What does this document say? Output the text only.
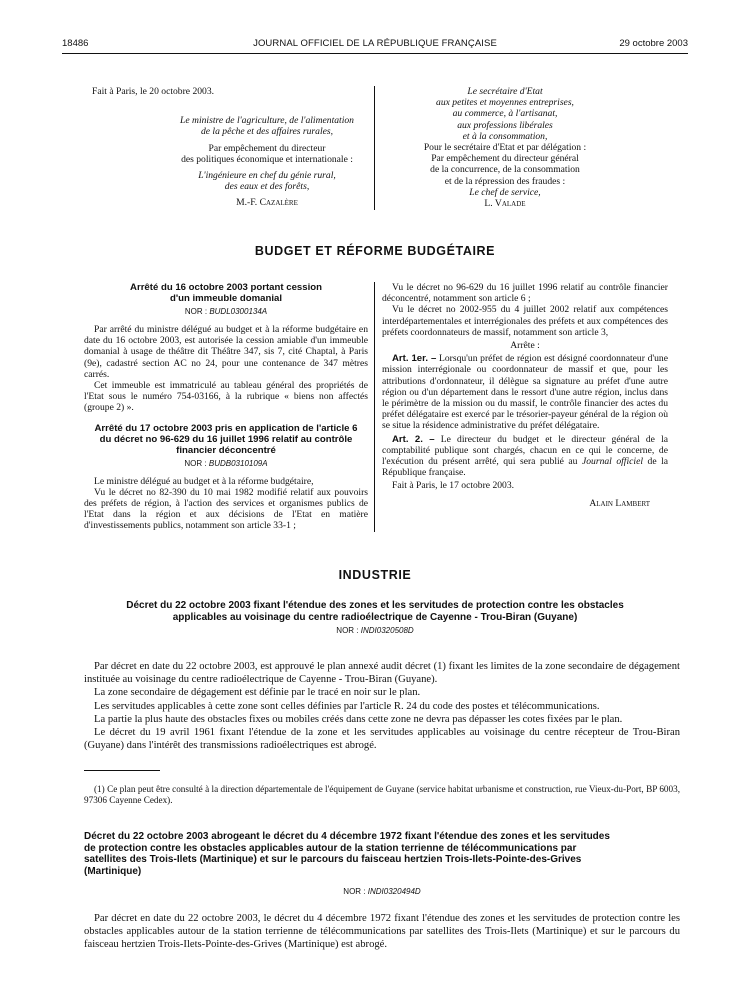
18486	JOURNAL OFFICIEL DE LA RÉPUBLIQUE FRANÇAISE	29 octobre 2003

Fait à Paris, le 20 octobre 2003.

Le ministre de l'agriculture, de l'alimentation

de la pêche et des affaires rurales,

Par empêchement du directeur

des politiques économique et internationale :

L'ingénieure en chef du génie rural,

des eaux et des forêts,

M.-F. Cazalère

Le secrétaire d'Etat

aux petites et moyennes entreprises,

au commerce, à l'artisanat,

aux professions libérales

et à la consommation,

Pour le secrétaire d'Etat et par délégation :

Par empêchement du directeur général

de la concurrence, de la consommation

et de la répression des fraudes :

Le chef de service,

L. Valade

BUDGET ET RÉFORME BUDGÉTAIRE

Arrêté du 16 octobre 2003 portant cession

d'un immeuble domanial

NOR : BUDL0300134A

Par arrêté du ministre délégué au budget et à la réforme budgétaire en date du 16 octobre 2003, est autorisée la cession amiable d'un immeuble domanial à usage de théâtre dit Théâtre 347, sis 7, cité Chaptal, à Paris (9e), cadastré section AC no 24, pour une contenance de 347 mètres carrés.

Cet immeuble est immatriculé au tableau général des propriétés de l'Etat sous le numéro 754-03166, à la rubrique « biens non affectés (groupe 2) ».

Arrêté du 17 octobre 2003 pris en application de l'article 6

du décret no 96-629 du 16 juillet 1996 relatif au contrôle

financier déconcentré

NOR : BUDB0310109A

Le ministre délégué au budget et à la réforme budgétaire,

Vu le décret no 82-390 du 10 mai 1982 modifié relatif aux pouvoirs des préfets de région, à l'action des services et organismes publics de l'Etat dans la région et aux décisions de l'Etat en matière d'investissements publics, notamment son article 33-1 ;

Vu le décret no 96-629 du 16 juillet 1996 relatif au contrôle financier déconcentré, notamment son article 6 ;

Vu le décret no 2002-955 du 4 juillet 2002 relatif aux compétences interdépartementales et interrégionales des préfets et aux compétences des préfets coordonnateurs de massif, notamment son article 3,

Arrête :

Art. 1er. – Lorsqu'un préfet de région est désigné coordonnateur d'une mission interrégionale ou coordonnateur de massif et que, pour les attributions d'ordonnateur, il délègue sa signature au préfet d'une autre région ou d'un département dans le ressort d'une autre région, inclus dans le périmètre de la mission ou du massif, le contrôle financier des actes du préfet délégataire est exercé par le trésorier-payeur général de la région où se situe la résidence administrative du préfet délégataire.

Art. 2. – Le directeur du budget et le directeur général de la comptabilité publique sont chargés, chacun en ce qui le concerne, de l'exécution du présent arrêté, qui sera publié au Journal officiel de la République française.

Fait à Paris, le 17 octobre 2003.

Alain Lambert

INDUSTRIE

Décret du 22 octobre 2003 fixant l'étendue des zones et les servitudes de protection contre les obstacles

applicables au voisinage du centre radioélectrique de Cayenne - Trou-Biran (Guyane)

NOR : INDI0320508D

Par décret en date du 22 octobre 2003, est approuvé le plan annexé audit décret (1) fixant les limites de la zone secondaire de dégagement instituée au voisinage du centre radioélectrique de Cayenne - Trou-Biran (Guyane).

La zone secondaire de dégagement est définie par le tracé en noir sur le plan.

Les servitudes applicables à cette zone sont celles définies par l'article R. 24 du code des postes et télécommunications.

La partie la plus haute des obstacles fixes ou mobiles créés dans cette zone ne devra pas dépasser les cotes fixées par le plan.

Le décret du 19 avril 1961 fixant l'étendue de la zone et les servitudes applicables au voisinage du centre récepteur de Trou-Biran (Guyane) dans l'intérêt des transmissions radioélectriques est abrogé.

(1) Ce plan peut être consulté à la direction départementale de l'équipement de Guyane (service habitat urbanisme et construction, rue Vieux-du-Port, BP 6003, 97306 Cayenne Cedex).

Décret du 22 octobre 2003 abrogeant le décret du 4 décembre 1972 fixant l'étendue des zones et les servitudes

de protection contre les obstacles applicables autour de la station terrienne de télécommunications par

satellites des Trois-Ilets (Martinique) et sur le parcours du faisceau hertzien Trois-Ilets-Pointe-des-Grives

(Martinique)

NOR : INDI0320494D

Par décret en date du 22 octobre 2003, le décret du 4 décembre 1972 fixant l'étendue des zones et les servitudes de protection contre les obstacles applicables autour de la station terrienne de télécommunications par satellites des Trois-Ilets (Martinique) et sur le parcours du faisceau hertzien Trois-Ilets-Pointe-des-Grives (Martinique) est abrogé.
